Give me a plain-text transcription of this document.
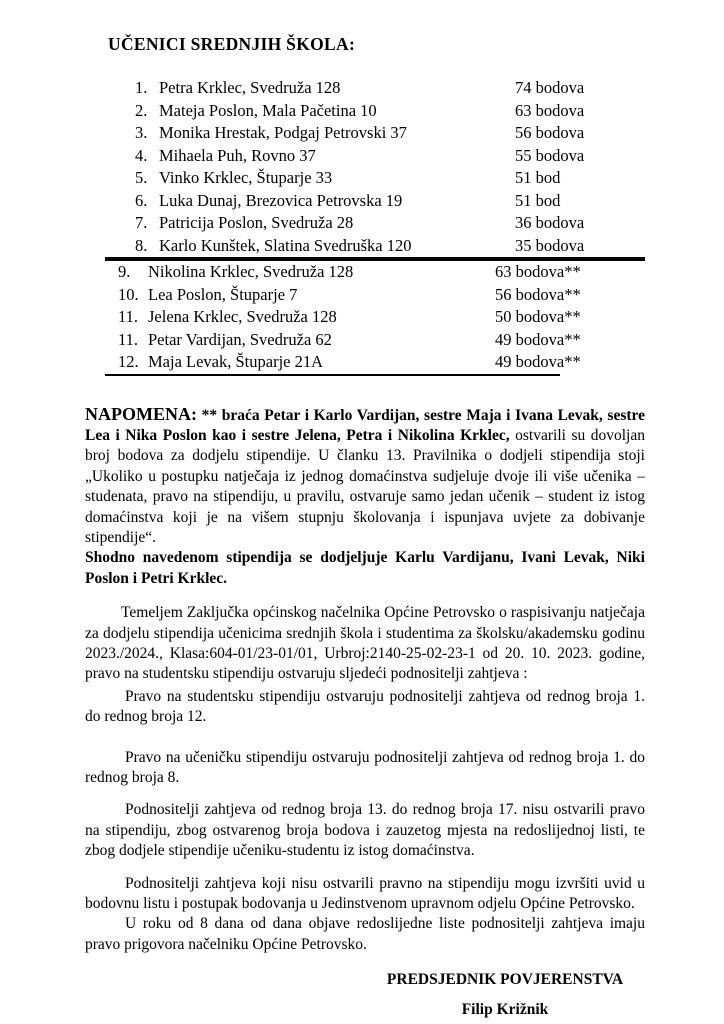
UČENICI SREDNJIH ŠKOLA:
1. Petra Krklec, Svedruža 128	74 bodova
2. Mateja Poslon, Mala Pačetina 10	63 bodova
3. Monika Hrestak, Podgaj Petrovski 37	56 bodova
4. Mihaela Puh, Rovno 37	55 bodova
5. Vinko Krklec, Štuparje 33	51 bod
6. Luka Dunaj, Brezovica Petrovska 19	51 bod
7. Patricija Poslon, Svedruža 28	36 bodova
8. Karlo Kunštek, Slatina Svedruška 120	35 bodova
9.	Nikolina Krklec, Svedruža 128	63 bodova**
10. Lea Poslon, Štuparje 7	56 bodova**
11. Jelena Krklec, Svedruža 128	50 bodova**
11. Petar Vardijan, Svedruža 62	49 bodova**
12. Maja Levak, Štuparje 21A	49 bodova**
NAPOMENA: ** braća Petar i Karlo Vardijan, sestre Maja i Ivana Levak, sestre Lea i Nika Poslon kao i sestre Jelena, Petra i Nikolina Krklec, ostvarili su dovoljan broj bodova za dodjelu stipendije. U članku 13. Pravilnika o dodjeli stipendija stoji „Ukoliko u postupku natječaja iz jednog domaćinstva sudjeluje dvoje ili više učenika – studenata, pravo na stipendiju, u pravilu, ostvaruje samo jedan učenik – student iz istog domaćinstva koji je na višem stupnju školovanja i ispunjava uvjete za dobivanje stipendije“.
Shodno navedenom stipendija se dodjeljuje Karlu Vardijanu, Ivani Levak, Niki Poslon i Petri Krklec.

Temeljem Zaključka općinskog načelnika Općine Petrovsko o raspisivanju natječaja za dodjelu stipendija učenicima srednjih škola i studentima za školsku/akademsku godinu 2023./2024., Klasa:604-01/23-01/01, Urbroj:2140-25-02-23-1 od 20. 10. 2023. godine, pravo na studentsku stipendiju ostvaruju sljedeći podnositelji zahtjeva :

Pravo na studentsku stipendiju ostvaruju podnositelji zahtjeva od rednog broja 1. do rednog broja 12.

Pravo na učeničku stipendiju ostvaruju podnositelji zahtjeva od rednog broja 1. do rednog broja 8.

Podnositelji zahtjeva od rednog broja 13. do rednog broja 17. nisu ostvarili pravo na stipendiju, zbog ostvarenog broja bodova i zauzetog mjesta na redoslijednoj listi, te zbog dodjele stipendije učeniku-studentu iz istog domaćinstva.

Podnositelji zahtjeva koji nisu ostvarili pravno na stipendiju mogu izvršiti uvid u bodovnu listu i postupak bodovanja u Jedinstvenom upravnom odjelu Općine Petrovsko.

U roku od 8 dana od dana objave redoslijedne liste podnositelji zahtjeva imaju pravo prigovora načelniku Općine Petrovsko.

PREDSJEDNIK POVJERENSTVA
Filip Križnik
